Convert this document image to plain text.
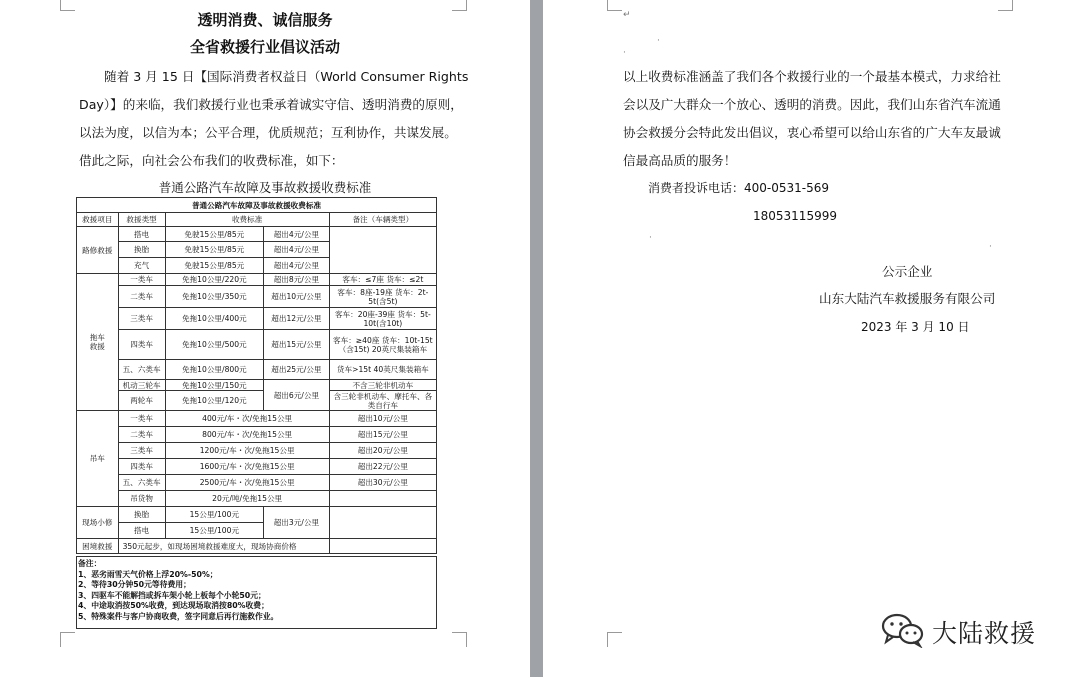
透明消费、诚信服务
全省救援行业倡议活动
随着 3 月 15 日【国际消费者权益日（World Consumer Rights
Day）】的来临，我们救援行业也秉承着诚实守信、透明消费的原则，
以法为度，以信为本；公平合理，优质规范；互利协作，共谋发展。
借此之际，向社会公布我们的收费标准，如下：
普通公路汽车故障及事故救援收费标准
普通公路汽车故障及事故救援收费标准				
救援项目	救援类型	收费标准		备注（车辆类型）
路修救援	搭电	免驶15公里/85元	超出4元/公里	
	换胎	免驶15公里/85元	超出4元/公里	
	充气	免驶15公里/85元	超出4元/公里	
拖车
救援	一类车	免拖10公里/220元	超出8元/公里	客车：≤7座 货车：≤2t
	二类车	免拖10公里/350元	超出10元/公里	客车：8座-19座 货车：2t-5t(含5t)
	三类车	免拖10公里/400元	超出12元/公里	客车：20座-39座 货车：5t-10t(含10t)
	四类车	免拖10公里/500元	超出15元/公里	客车：≥40座 货车：10t-15t（含15t) 20英尺集装箱车
	五、六类车	免拖10公里/800元	超出25元/公里	货车>15t 40英尺集装箱车
	机动三轮车	免拖10公里/150元	超出6元/公里	不含三轮非机动车
	两轮车	免拖10公里/120元		含三轮非机动车、摩托车、各类自行车
吊车	一类车	400元/车・次/免拖15公里		超出10元/公里
	二类车	800元/车・次/免拖15公里		超出15元/公里
	三类车	1200元/车・次/免拖15公里		超出20元/公里
	四类车	1600元/车・次/免拖15公里		超出22元/公里
	五、六类车	2500元/车・次/免拖15公里		超出30元/公里
	吊货物	20元/吨/免拖15公里		
现场小修	换胎	15公里/100元	超出3元/公里	
	搭电	15公里/100元		
困境救援	350元起步，如现场困境救援难度大，现场协商价格			
备注：
1、恶劣雨雪天气价格上浮20%-50%；
2、等待30分钟50元等待费用；
3、四驱车不能解挡或拆车架小轮上板每个小轮50元；
4、中途取消按50%收费，到达现场取消按80%收费；
5、特殊案件与客户协商收费，签字同意后再行施救作业。
↵
·
·
以上收费标准涵盖了我们各个救援行业的一个最基本模式，力求给社
会以及广大群众一个放心、透明的消费。因此，我们山东省汽车流通
协会救援分会特此发出倡议，衷心希望可以给山东省的广大车友最诚
信最高品质的服务！
消费者投诉电话：400-0531-569
18053115999
·
·
公示企业
山东大陆汽车救援服务有限公司
2023 年 3 月 10 日
大陆救援
